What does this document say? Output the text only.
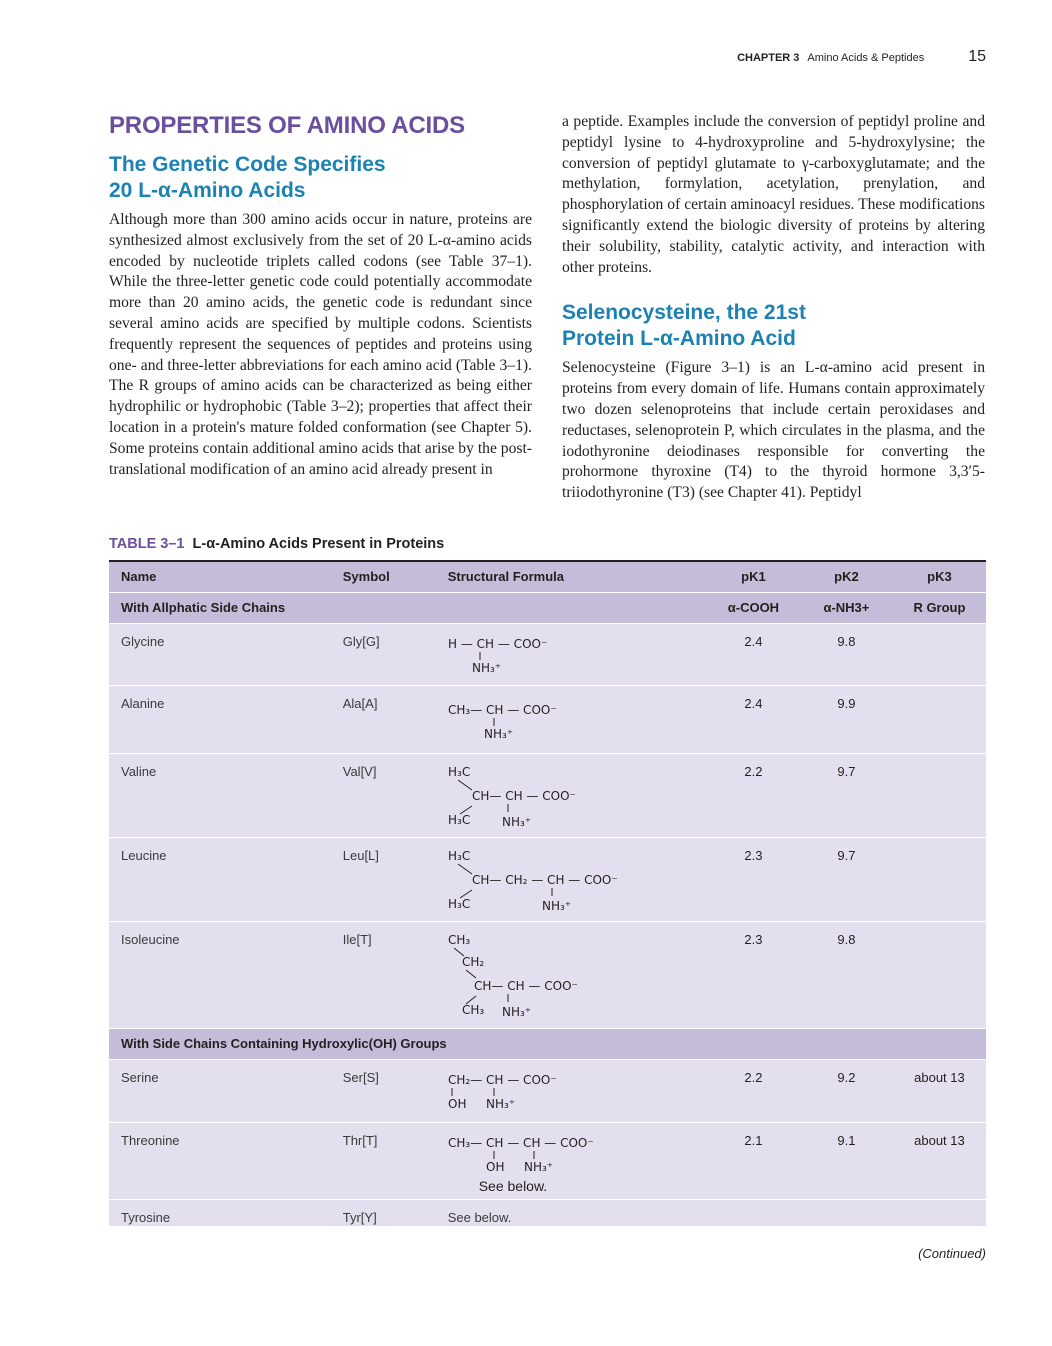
CHAPTER 3 Amino Acids & Peptides	15
PROPERTIES OF AMINO ACIDS
The Genetic Code Specifies
20 L-α-Amino Acids

Although more than 300 amino acids occur in nature, proteins are synthesized almost exclusively from the set of 20 L-α-amino acids encoded by nucleotide triplets called codons (see Table 37–1). While the three-letter genetic code could potentially accommodate more than 20 amino acids, the genetic code is redundant since several amino acids are specified by multiple codons. Scientists frequently represent the sequences of peptides and proteins using one- and three-letter abbreviations for each amino acid (Table 3–1). The R groups of amino acids can be characterized as being either hydrophilic or hydrophobic (Table 3–2); properties that affect their location in a protein's mature folded conformation (see Chapter 5). Some proteins contain additional amino acids that arise by the post-translational modification of an amino acid already present in

a peptide. Examples include the conversion of peptidyl proline and peptidyl lysine to 4-hydroxyproline and 5-hydroxylysine; the conversion of peptidyl glutamate to γ-carboxyglutamate; and the methylation, formylation, acetylation, prenylation, and phosphorylation of certain aminoacyl residues. These modifications significantly extend the biologic diversity of proteins by altering their solubility, stability, catalytic activity, and interaction with other proteins.

Selenocysteine, the 21st
Protein L-α-Amino Acid

Selenocysteine (Figure 3–1) is an L-α-amino acid present in proteins from every domain of life. Humans contain approximately two dozen selenoproteins that include certain peroxidases and reductases, selenoprotein P, which circulates in the plasma, and the iodothyronine deiodinases responsible for converting the prohormone thyroxine (T4) to the thyroid hormone 3,3′5-triiodothyronine (T3) (see Chapter 41). Peptidyl

TABLE 3–1 L-α-Amino Acids Present in Proteins
Name	Symbol	Structural Formula	pK1	pK2	pK3
With Allphatic Side Chains			α-COOH	α-NH3+	R Group
Glycine	Gly[G]	H — CH — COO⁻
NH₃⁺	2.4	9.8	
Alanine	Ala[A]	CH₃— CH — COO⁻
NH₃⁺	2.4	9.9	
Valine	Val[V]	H₃C
CH— CH — COO⁻
H₃C NH₃⁺	2.2	9.7	
Leucine	Leu[L]	H₃C
CH— CH₂ — CH — COO⁻
H₃C NH₃⁺	2.3	9.7	
Isoleucine	Ile[T]	CH₃
CH₂
CH— CH — COO⁻
CH₃ NH₃⁺	2.3	9.8	
With Side Chains Containing Hydroxylic(OH) Groups					
Serine	Ser[S]	CH₂— CH — COO⁻
OH NH₃⁺	2.2	9.2	about 13
Threonine	Thr[T]	CH₃— CH — CH — COO⁻
OH NH₃⁺
See below.	2.1	9.1	about 13
Tyrosine	Tyr[Y]	See below.			
(Continued)
